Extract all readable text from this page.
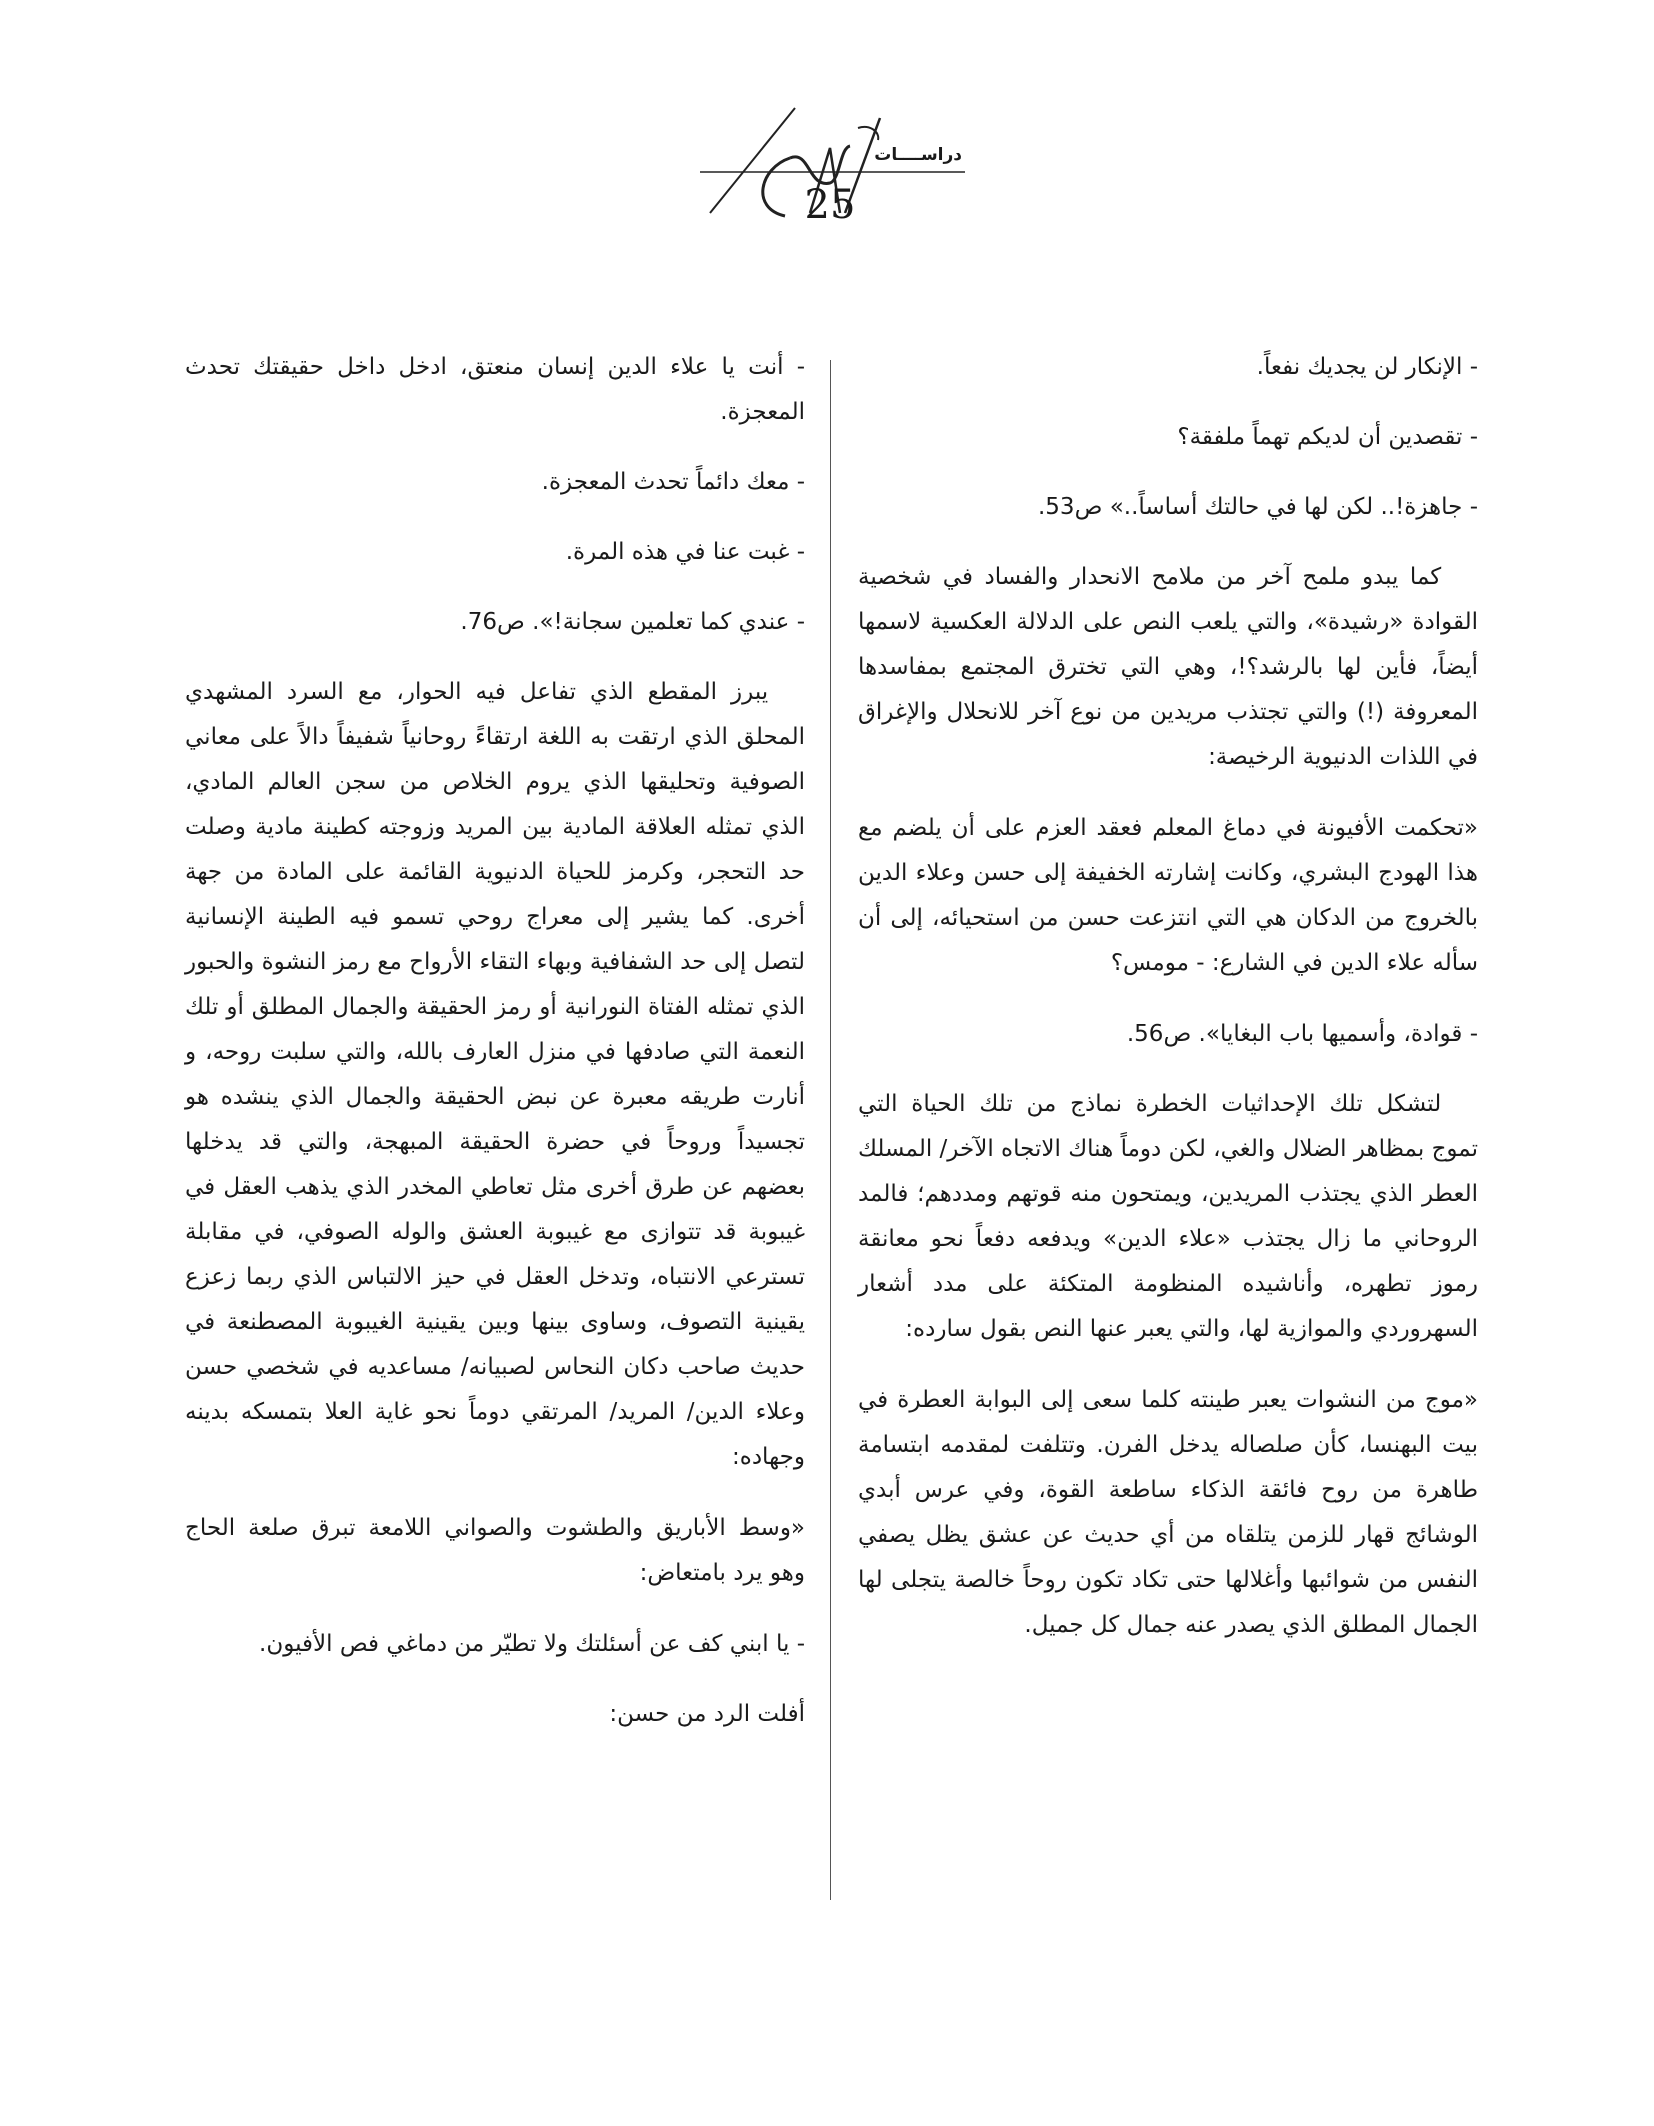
دراســــات
25

- الإنكار لن يجديك نفعاً.

- تقصدين أن لديكم تهماً ملفقة؟

- جاهزة!.. لكن لها في حالتك أساساً..» ص53.

كما يبدو ملمح آخر من ملامح الانحدار والفساد في شخصية القوادة «رشيدة»، والتي يلعب النص على الدلالة العكسية لاسمها أيضاً، فأين لها بالرشد؟!، وهي التي تخترق المجتمع بمفاسدها المعروفة (!) والتي تجتذب مريدين من نوع آخر للانحلال والإغراق في اللذات الدنيوية الرخيصة:

«تحكمت الأفيونة في دماغ المعلم فعقد العزم على أن يلضم مع هذا الهودج البشري، وكانت إشارته الخفيفة إلى حسن وعلاء الدين بالخروج من الدكان هي التي انتزعت حسن من استحيائه، إلى أن سأله علاء الدين في الشارع: - مومس؟

- قوادة، وأسميها باب البغايا». ص56.

لتشكل تلك الإحداثيات الخطرة نماذج من تلك الحياة التي تموج بمظاهر الضلال والغي، لكن دوماً هناك الاتجاه الآخر/ المسلك العطر الذي يجتذب المريدين، ويمتحون منه قوتهم ومددهم؛ فالمد الروحاني ما زال يجتذب «علاء الدين» ويدفعه دفعاً نحو معانقة رموز تطهره، وأناشيده المنظومة المتكئة على مدد أشعار السهروردي والموازية لها، والتي يعبر عنها النص بقول سارده:

«موج من النشوات يعبر طينته كلما سعى إلى البوابة العطرة في بيت البهنسا، كأن صلصاله يدخل الفرن. وتتلفت لمقدمه ابتسامة طاهرة من روح فائقة الذكاء ساطعة القوة، وفي عرس أبدي الوشائج قهار للزمن يتلقاه من أي حديث عن عشق يظل يصفي النفس من شوائبها وأغلالها حتى تكاد تكون روحاً خالصة يتجلى لها الجمال المطلق الذي يصدر عنه جمال كل جميل.

- أنت يا علاء الدين إنسان منعتق، ادخل داخل حقيقتك تحدث المعجزة.

- معك دائماً تحدث المعجزة.

- غبت عنا في هذه المرة.

- عندي كما تعلمين سجانة!». ص76.

يبرز المقطع الذي تفاعل فيه الحوار، مع السرد المشهدي المحلق الذي ارتقت به اللغة ارتقاءً روحانياً شفيفاً دالاً على معاني الصوفية وتحليقها الذي يروم الخلاص من سجن العالم المادي، الذي تمثله العلاقة المادية بين المريد وزوجته كطينة مادية وصلت حد التحجر، وكرمز للحياة الدنيوية القائمة على المادة من جهة أخرى. كما يشير إلى معراج روحي تسمو فيه الطينة الإنسانية لتصل إلى حد الشفافية وبهاء التقاء الأرواح مع رمز النشوة والحبور الذي تمثله الفتاة النورانية أو رمز الحقيقة والجمال المطلق أو تلك النعمة التي صادفها في منزل العارف بالله، والتي سلبت روحه، و أنارت طريقه معبرة عن نبض الحقيقة والجمال الذي ينشده هو تجسيداً وروحاً في حضرة الحقيقة المبهجة، والتي قد يدخلها بعضهم عن طرق أخرى مثل تعاطي المخدر الذي يذهب العقل في غيبوبة قد تتوازى مع غيبوبة العشق والوله الصوفي، في مقابلة تسترعي الانتباه، وتدخل العقل في حيز الالتباس الذي ربما زعزع يقينية التصوف، وساوى بينها وبين يقينية الغيبوبة المصطنعة في حديث صاحب دكان النحاس لصبيانه/ مساعديه في شخصي حسن وعلاء الدين/ المريد/ المرتقي دوماً نحو غاية العلا بتمسكه بدينه وجهاده:

«وسط الأباريق والطشوت والصواني اللامعة تبرق صلعة الحاج وهو يرد بامتعاض:

- يا ابني كف عن أسئلتك ولا تطيّر من دماغي فص الأفيون.

أفلت الرد من حسن:
